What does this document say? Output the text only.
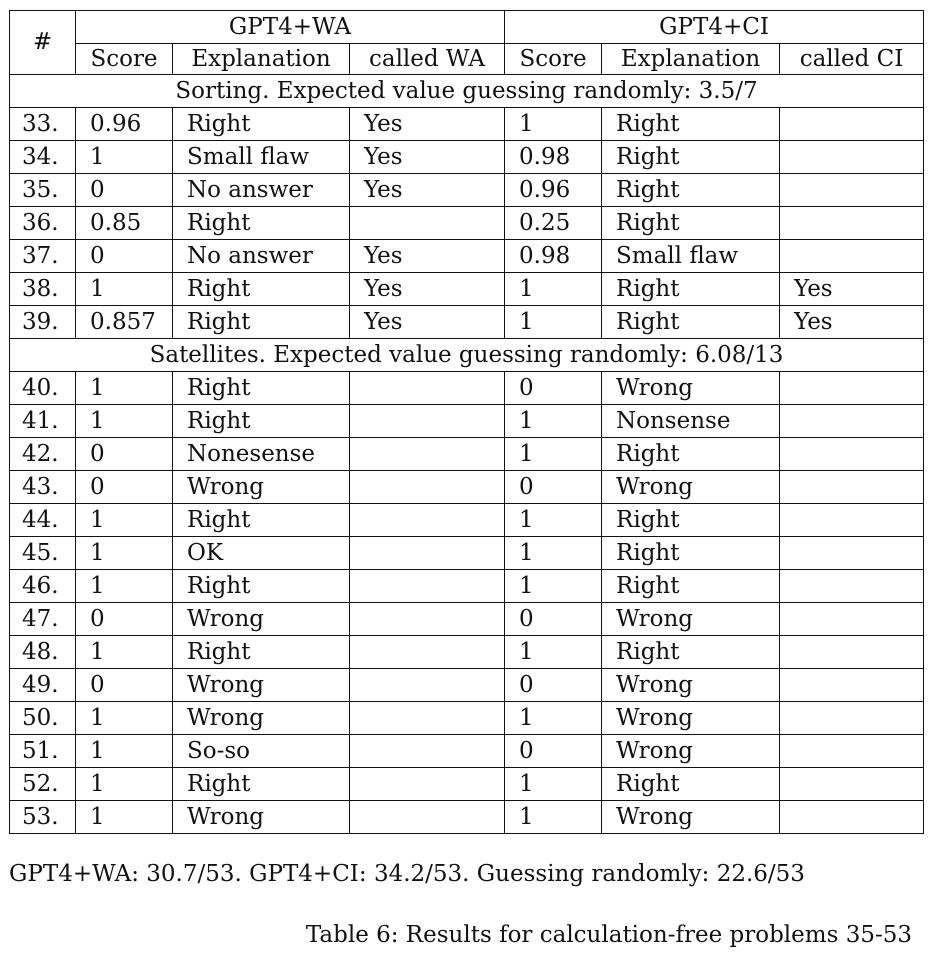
#	GPT4+WA			GPT4+CI		
	Score	Explanation	called WA	Score	Explanation	called CI
Sorting. Expected value guessing randomly: 3.5/7						
33.	0.96	Right	Yes	1	Right	
34.	1	Small flaw	Yes	0.98	Right	
35.	0	No answer	Yes	0.96	Right	
36.	0.85	Right		0.25	Right	
37.	0	No answer	Yes	0.98	Small flaw	
38.	1	Right	Yes	1	Right	Yes
39.	0.857	Right	Yes	1	Right	Yes
Satellites. Expected value guessing randomly: 6.08/13						
40.	1	Right		0	Wrong	
41.	1	Right		1	Nonsense	
42.	0	Nonesense		1	Right	
43.	0	Wrong		0	Wrong	
44.	1	Right		1	Right	
45.	1	OK		1	Right	
46.	1	Right		1	Right	
47.	0	Wrong		0	Wrong	
48.	1	Right		1	Right	
49.	0	Wrong		0	Wrong	
50.	1	Wrong		1	Wrong	
51.	1	So-so		0	Wrong	
52.	1	Right		1	Right	
53.	1	Wrong		1	Wrong	
GPT4+WA: 30.7/53. GPT4+CI: 34.2/53. Guessing randomly: 22.6/53
Table 6: Results for calculation-free problems 35-53
